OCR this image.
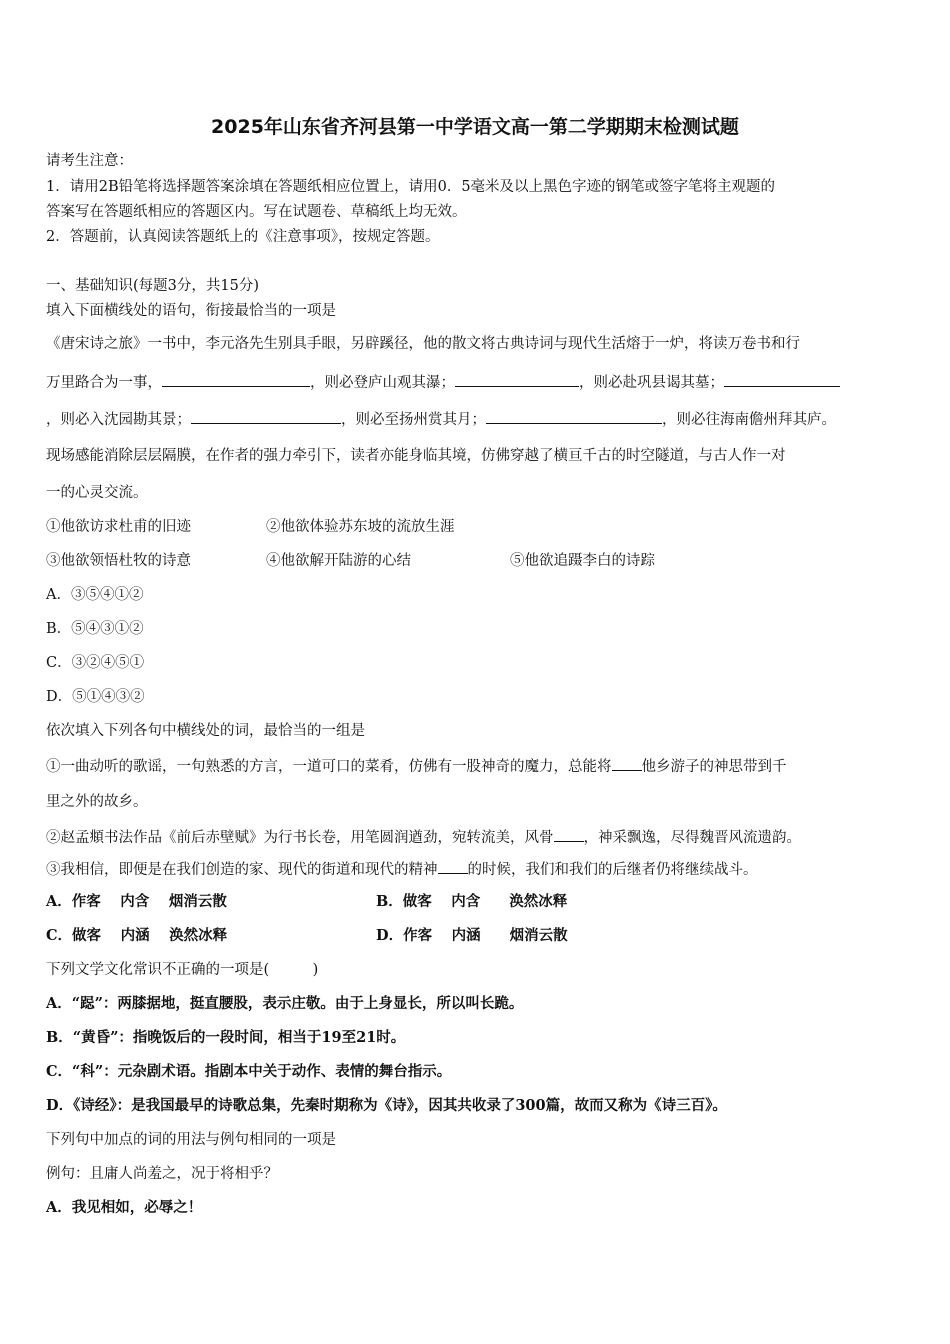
2025年山东省齐河县第一中学语文高一第二学期期末检测试题
请考生注意：
1．请用2B铅笔将选择题答案涂填在答题纸相应位置上，请用0．5毫米及以上黑色字迹的钢笔或签字笔将主观题的
答案写在答题纸相应的答题区内。写在试题卷、草稿纸上均无效。
2．答题前，认真阅读答题纸上的《注意事项》，按规定答题。
一、基础知识(每题3分，共15分)
填入下面横线处的语句，衔接最恰当的一项是
《唐宋诗之旅》一书中，李元洛先生别具手眼，另辟蹊径，他的散文将古典诗词与现代生活熔于一炉，将读万卷书和行
万里路合为一事，	，则必登庐山观其瀑；	，则必赴巩县谒其墓；
，则必入沈园勘其景；	，则必至扬州赏其月；	，则必往海南儋州拜其庐。
现场感能消除层层隔膜，在作者的强力牵引下，读者亦能身临其境，仿佛穿越了横亘千古的时空隧道，与古人作一对
一的心灵交流。
①他欲访求杜甫的旧迹	②他欲体验苏东坡的流放生涯
③他欲领悟杜牧的诗意	④他欲解开陆游的心结	⑤他欲追蹑李白的诗踪
A．③⑤④①②
B．⑤④③①②
C．③②④⑤①
D．⑤①④③②
依次填入下列各句中横线处的词，最恰当的一组是
①一曲动听的歌谣，一句熟悉的方言，一道可口的菜肴，仿佛有一股神奇的魔力，总能将 他乡游子的神思带到千
里之外的故乡。
②赵孟頫书法作品《前后赤壁赋》为行书长卷，用笔圆润遒劲，宛转流美，风骨 ，神采飘逸，尽得魏晋风流遗韵。
③我相信，即便是在我们创造的家、现代的街道和现代的精神 的时候，我们和我们的后继者仍将继续战斗。
A．作客　 内含　 烟消云散	B．做客　 内含　　涣然冰释
C．做客　 内涵　 涣然冰释	D．作客　 内涵　　烟消云散
下列文学文化常识不正确的一项是(　　　)
A．“跽”：两膝据地，挺直腰股，表示庄敬。由于上身显长，所以叫长跪。
B．“黄昏”：指晚饭后的一段时间，相当于19至21时。
C．“科”：元杂剧术语。指剧本中关于动作、表情的舞台指示。
D．《诗经》：是我国最早的诗歌总集，先秦时期称为《诗》，因其共收录了300篇，故而又称为《诗三百》。
下列句中加点的词的用法与例句相同的一项是
例句：且庸人尚羞之，况于将相乎？
A．我见相如，必辱之！
